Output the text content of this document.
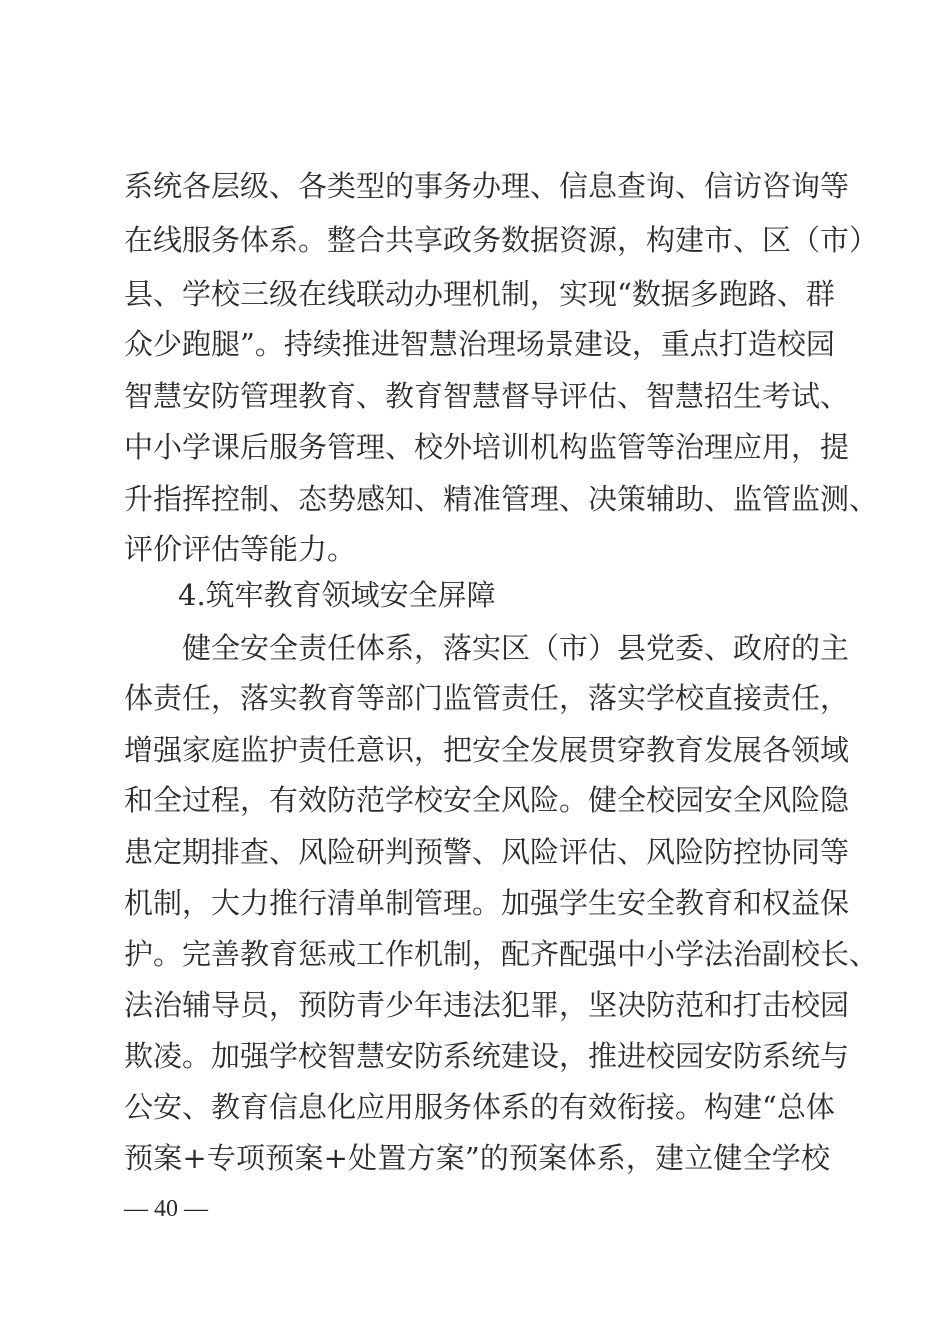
系统各层级、各类型的事务办理、信息查询、信访咨询等
在线服务体系。整合共享政务数据资源，构建市、区（市）
县、学校三级在线联动办理机制，实现“数据多跑路、群
众少跑腿”。持续推进智慧治理场景建设，重点打造校园
智慧安防管理教育、教育智慧督导评估、智慧招生考试、
中小学课后服务管理、校外培训机构监管等治理应用，提
升指挥控制、态势感知、精准管理、决策辅助、监管监测、
评价评估等能力。
4.筑牢教育领域安全屏障
健全安全责任体系，落实区（市）县党委、政府的主
体责任，落实教育等部门监管责任，落实学校直接责任，
增强家庭监护责任意识，把安全发展贯穿教育发展各领域
和全过程，有效防范学校安全风险。健全校园安全风险隐
患定期排查、风险研判预警、风险评估、风险防控协同等
机制，大力推行清单制管理。加强学生安全教育和权益保
护。完善教育惩戒工作机制，配齐配强中小学法治副校长、
法治辅导员，预防青少年违法犯罪，坚决防范和打击校园
欺凌。加强学校智慧安防系统建设，推进校园安防系统与
公安、教育信息化应用服务体系的有效衔接。构建“总体
预案+专项预案+处置方案”的预案体系，建立健全学校
— 40 —
